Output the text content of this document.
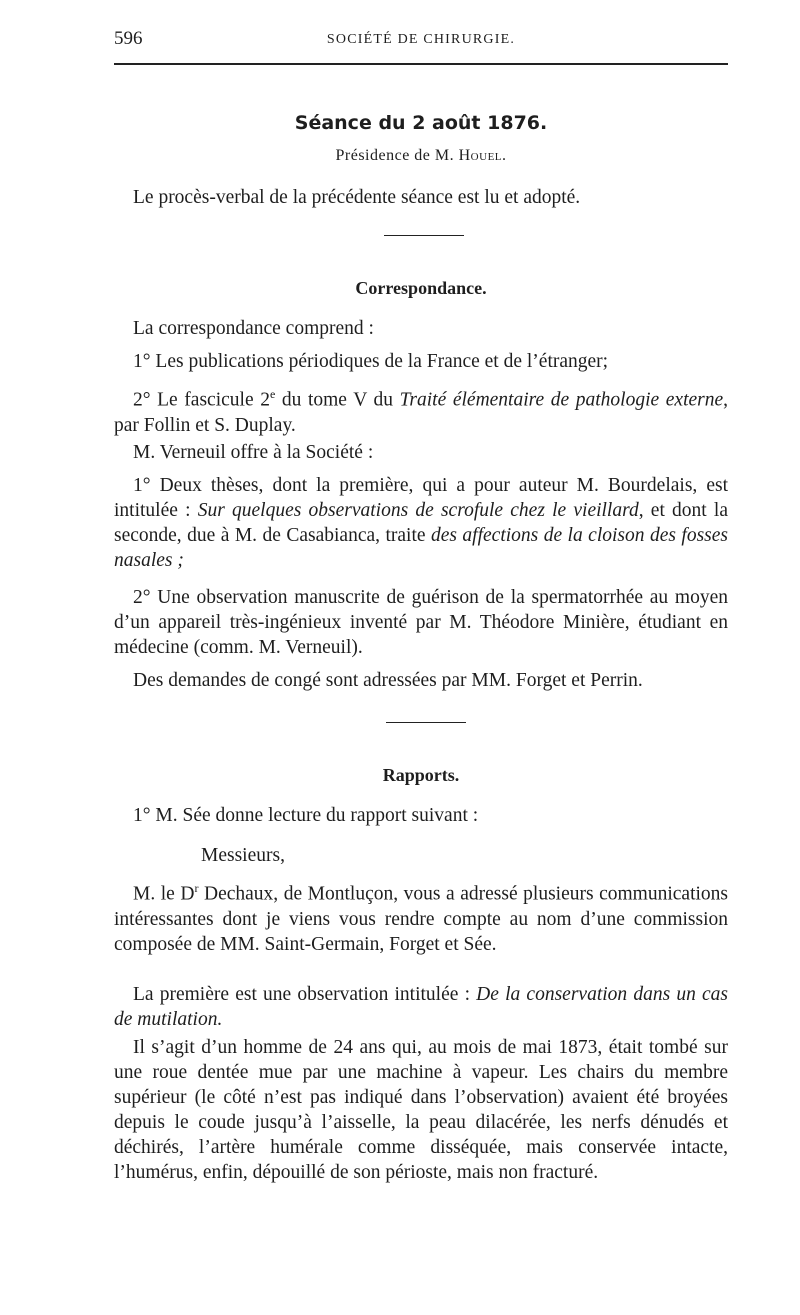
596	SOCIÉTÉ DE CHIRURGIE.
Séance du 2 août 1876.
Présidence de M. Houel.
Le procès-verbal de la précédente séance est lu et adopté.
Correspondance.
La correspondance comprend :
1° Les publications périodiques de la France et de l’étranger;
2° Le fascicule 2e du tome V du Traité élémentaire de pathologie externe, par Follin et S. Duplay.
M. Verneuil offre à la Société :
1° Deux thèses, dont la première, qui a pour auteur M. Bourdelais, est intitulée : Sur quelques observations de scrofule chez le vieillard, et dont la seconde, due à M. de Casabianca, traite des affections de la cloison des fosses nasales ;
2° Une observation manuscrite de guérison de la spermatorrhée au moyen d’un appareil très-ingénieux inventé par M. Théodore Minière, étudiant en médecine (comm. M. Verneuil).
Des demandes de congé sont adressées par MM. Forget et Perrin.
Rapports.
1° M. Sée donne lecture du rapport suivant :
Messieurs,
M. le $D^r$ Dechaux, de Montluçon, vous a adressé plusieurs communications intéressantes dont je viens vous rendre compte au nom d’une commission composée de MM. Saint-Germain, Forget et Sée.
La première est une observation intitulée : De la conservation dans un cas de mutilation.
Il s’agit d’un homme de 24 ans qui, au mois de mai 1873, était tombé sur une roue dentée mue par une machine à vapeur. Les chairs du membre supérieur (le côté n’est pas indiqué dans l’observation) avaient été broyées depuis le coude jusqu’à l’aisselle, la peau dilacérée, les nerfs dénudés et déchirés, l’artère humérale comme disséquée, mais conservée intacte, l’humérus, enfin, dépouillé de son périoste, mais non fracturé.
